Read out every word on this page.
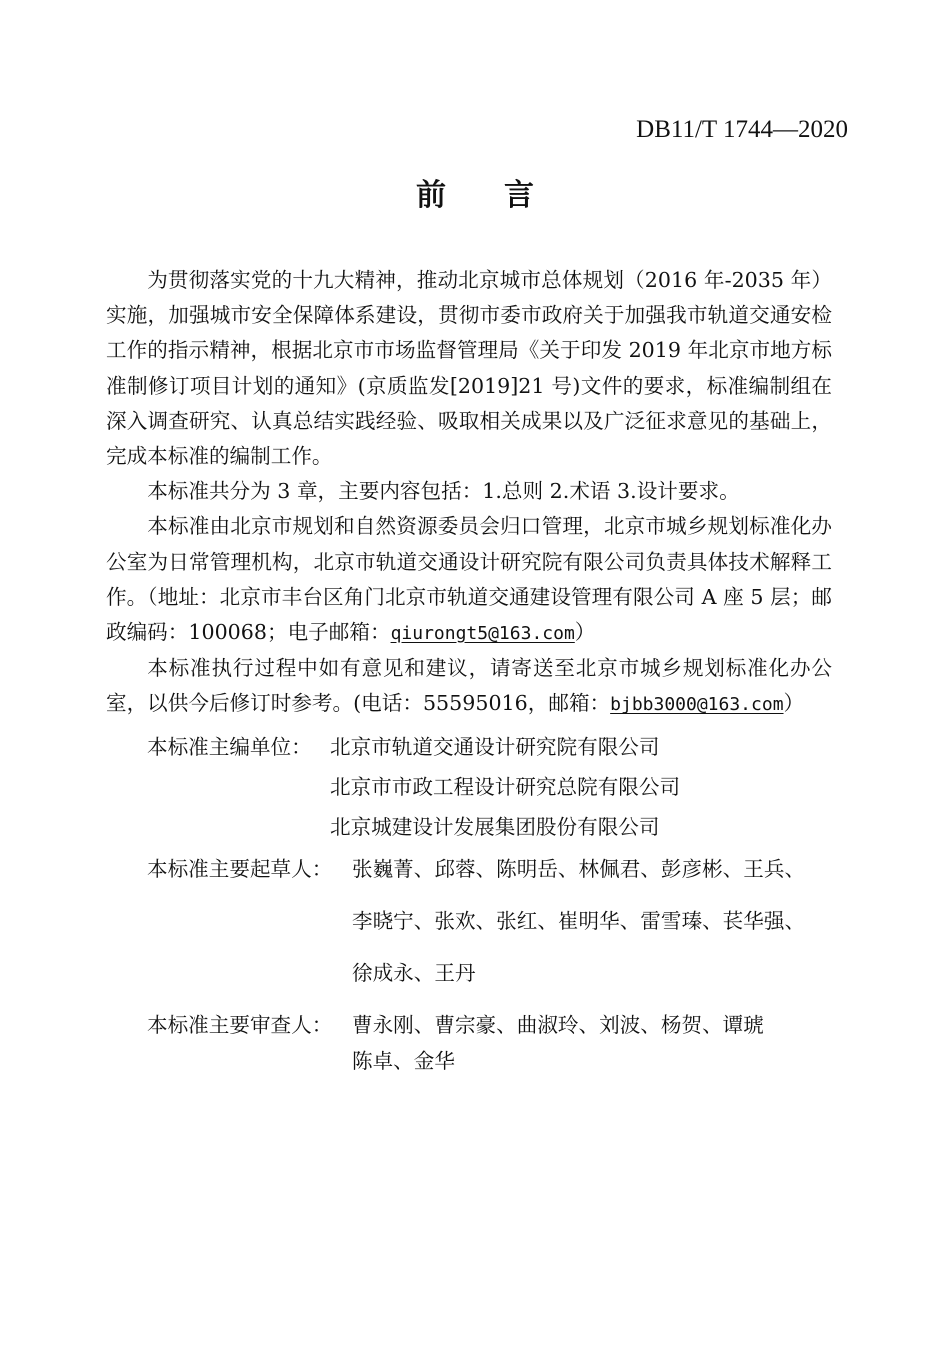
DB11/T 1744—2020
前 言

为贯彻落实党的十九大精神，推动北京城市总体规划（2016 年-2035 年）实施，加强城市安全保障体系建设，贯彻市委市政府关于加强我市轨道交通安检工作的指示精神，根据北京市市场监督管理局《关于印发 2019 年北京市地方标准制修订项目计划的通知》(京质监发[2019]21 号)文件的要求，标准编制组在深入调查研究、认真总结实践经验、吸取相关成果以及广泛征求意见的基础上，完成本标准的编制工作。

本标准共分为 3 章，主要内容包括：1.总则 2.术语 3.设计要求。

本标准由北京市规划和自然资源委员会归口管理，北京市城乡规划标准化办公室为日常管理机构，北京市轨道交通设计研究院有限公司负责具体技术解释工作。（地址：北京市丰台区角门北京市轨道交通建设管理有限公司 A 座 5 层；邮政编码：100068；电子邮箱：qiurongt5@163.com）

本标准执行过程中如有意见和建议，请寄送至北京市城乡规划标准化办公室，以供今后修订时参考。(电话：55595016，邮箱：bjbb3000@163.com）

本标准主编单位： 北京市轨道交通设计研究院有限公司
北京市市政工程设计研究总院有限公司
北京城建设计发展集团股份有限公司
本标准主要起草人： 张巍菁、邱蓉、陈明岳、林佩君、彭彦彬、王兵、
李晓宁、张欢、张红、崔明华、雷雪瑧、苌华强、
徐成永、王丹
本标准主要审查人： 曹永刚、曹宗豪、曲淑玲、刘波、杨贺、谭琥
陈卓、金华
